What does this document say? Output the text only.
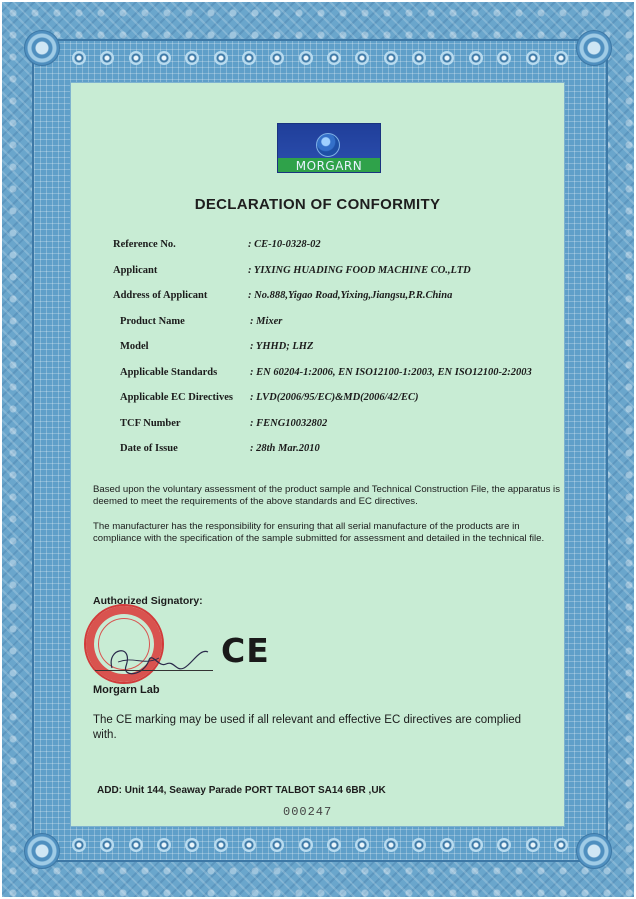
MORGARN
DECLARATION OF CONFORMITY
Reference No.	: CE-10-0328-02
Applicant	: YIXING HUADING FOOD MACHINE CO.,LTD
Address of Applicant	: No.888,Yigao Road,Yixing,Jiangsu,P.R.China
Product Name	: Mixer
Model	: YHHD; LHZ
Applicable Standards	: EN 60204-1:2006, EN ISO12100-1:2003, EN ISO12100-2:2003
Applicable EC Directives : LVD(2006/95/EC)&MD(2006/42/EC)
TCF Number	: FENG10032802
Date of Issue	: 28th Mar.2010

Based upon the voluntary assessment of the product sample and Technical Construction File, the apparatus is deemed to meet the requirements of the above standards and EC directives.

The manufacturer has the responsibility for ensuring that all serial manufacture of the products are in compliance with the specification of the sample submitted for assessment and detailed in the technical file.

Authorized Signatory:
CE
Morgarn Lab

The CE marking may be used if all relevant and effective EC directives are complied with.

ADD: Unit 144, Seaway Parade PORT TALBOT SA14 6BR ,UK
000247
